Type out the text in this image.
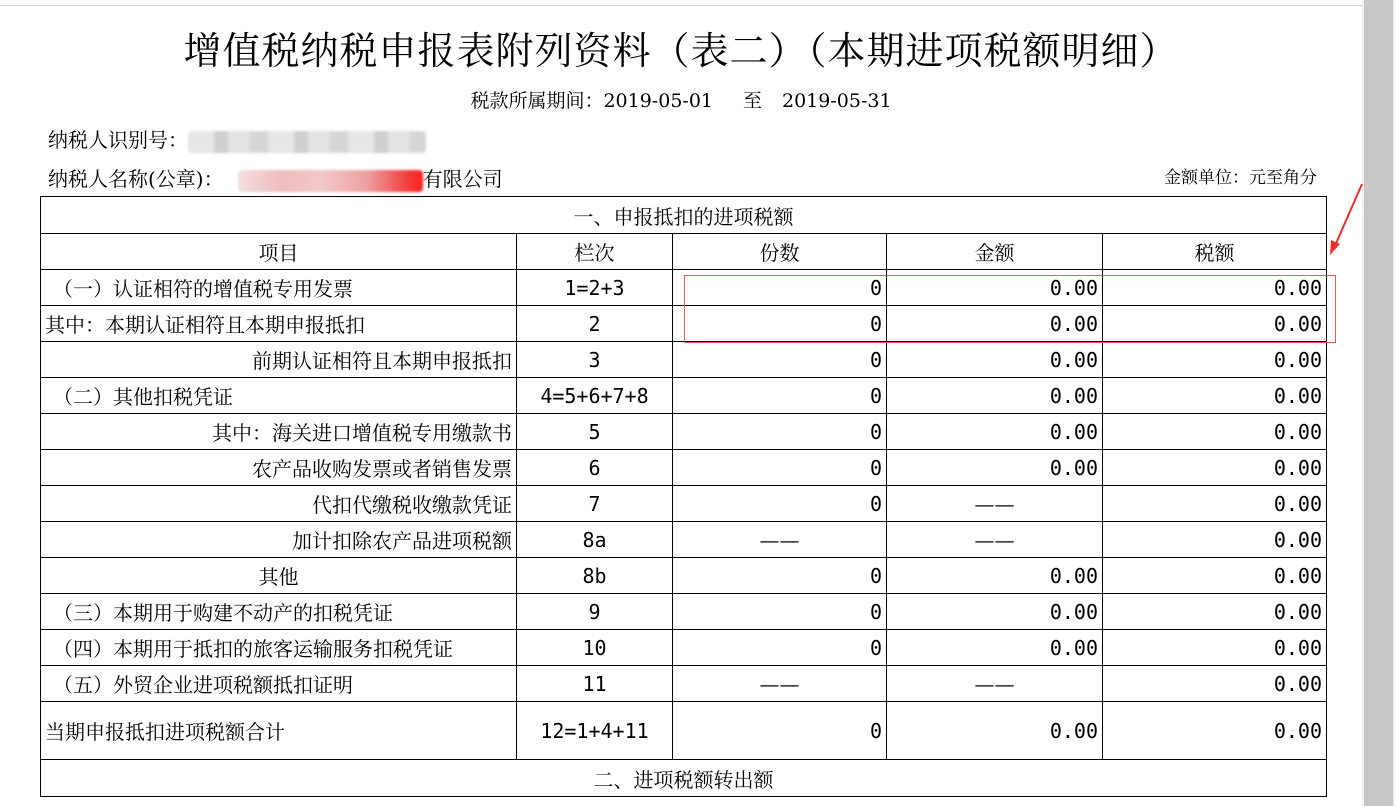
增值税纳税申报表附列资料（表二）（本期进项税额明细）
税款所属期间：2019-05-01 至 2019-05-31
纳税人识别号：
纳税人名称(公章)：	有限公司	金额单位：元至角分
一、申报抵扣的进项税额				
项目	栏次	份数	金额	税额
（一）认证相符的增值税专用发票	1=2+3	0	0.00	0.00
其中：本期认证相符且本期申报抵扣	2	0	0.00	0.00
前期认证相符且本期申报抵扣	3	0	0.00	0.00
（二）其他扣税凭证	4=5+6+7+8	0	0.00	0.00
其中：海关进口增值税专用缴款书	5	0	0.00	0.00
农产品收购发票或者销售发票	6	0	0.00	0.00
代扣代缴税收缴款凭证	7	0	——	0.00
加计扣除农产品进项税额	8a	——	——	0.00
其他	8b	0	0.00	0.00
（三）本期用于购建不动产的扣税凭证	9	0	0.00	0.00
（四）本期用于抵扣的旅客运输服务扣税凭证	10	0	0.00	0.00
（五）外贸企业进项税额抵扣证明	11	——	——	0.00
当期申报抵扣进项税额合计	12=1+4+11	0	0.00	0.00
二、进项税额转出额				
